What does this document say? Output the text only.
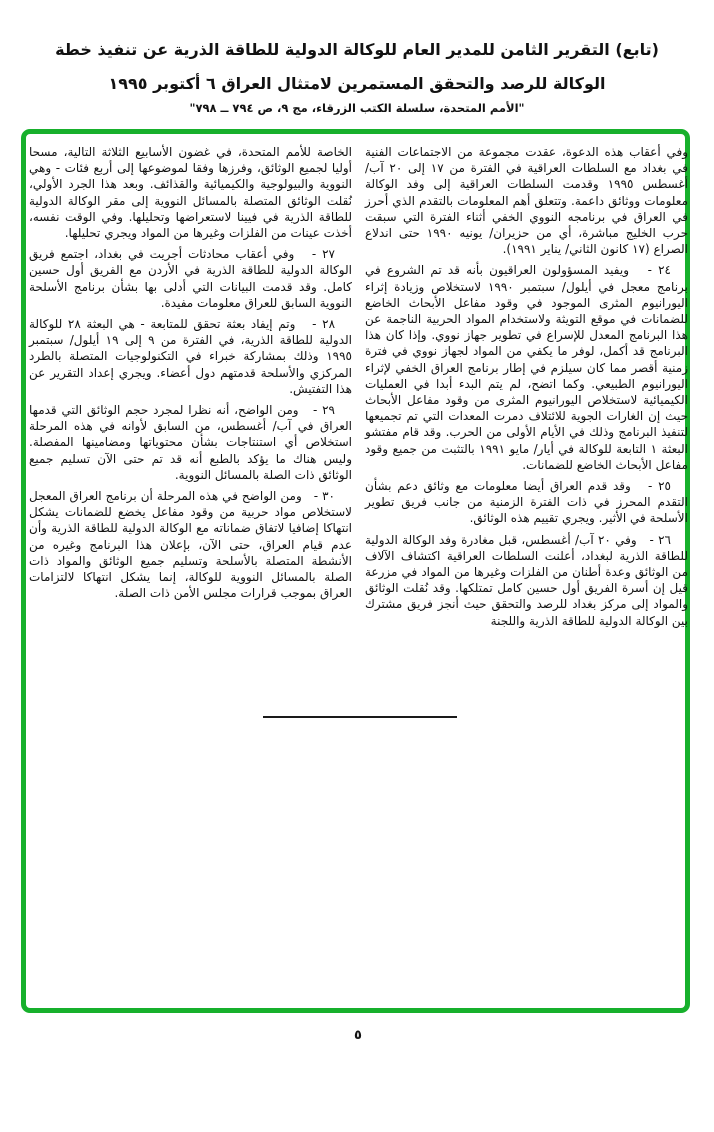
(تابع) التقرير الثامن للمدير العام للوكالة الدولية للطاقة الذرية عن تنفيذ خطة
الوكالة للرصد والتحقق المستمرين لامتثال العراق ٦ أكتوبر ١٩٩٥
"الأمم المتحدة، سلسلة الكتب الزرقاء، مج ٩، ص ٧٩٤ ــ ٧٩٨"

وفي أعقاب هذه الدعوة، عقدت مجموعة من الاجتماعات الفنية في بغداد مع السلطات العراقية في الفترة من ١٧ إلى ٢٠ آب/ أغسطس ١٩٩٥ وقدمت السلطات العراقية إلى وفد الوكالة معلومات ووثائق داعمة. وتتعلق أهم المعلومات بالتقدم الذي أحرز في العراق في برنامجه النووي الخفي أثناء الفترة التي سبقت حرب الخليج مباشرة، أي من حزيران/ يونيه ١٩٩٠ حتى اندلاع الصراع (١٧ كانون الثاني/ يناير ١٩٩١).

٢٤ -   ويفيد المسؤولون العراقيون بأنه قد تم الشروع في برنامج معجل في أيلول/ سبتمبر ١٩٩٠ لاستخلاص وزيادة إثراء اليورانيوم المثرى الموجود في وقود مفاعل الأبحاث الخاضع للضمانات في موقع التويثة ولاستخدام المواد الحربية الناجمة عن هذا البرنامج المعدل للإسراع في تطوير جهاز نووي. وإذا كان هذا البرنامج قد أكمل، لوفر ما يكفي من المواد لجهاز نووي في فترة زمنية أقصر مما كان سيلزم في إطار برنامج العراق الخفي لإثراء اليورانيوم الطبيعي. وكما اتضح، لم يتم البدء أبدا في العمليات الكيميائية لاستخلاص اليورانيوم المثرى من وقود مفاعل الأبحاث حيث إن الغارات الجوية للائتلاف دمرت المعدات التي تم تجميعها لتنفيذ البرنامج وذلك في الأيام الأولى من الحرب. وقد قام مفتشو البعثة ١ التابعة للوكالة في أيار/ مايو ١٩٩١ بالتثبت من جميع وقود مفاعل الأبحاث الخاضع للضمانات.

٢٥ -   وقد قدم العراق أيضا معلومات مع وثائق دعم بشأن التقدم المحرز في ذات الفترة الزمنية من جانب فريق تطوير الأسلحة في الأثير. ويجري تقييم هذه الوثائق.

٢٦ -   وفي ٢٠ آب/ أغسطس، قبل مغادرة وفد الوكالة الدولية للطاقة الذرية لبغداد، أعلنت السلطات العراقية اكتشاف الآلاف من الوثائق وعدة أطنان من الفلزات وغيرها من المواد في مزرعة قيل إن أسرة الفريق أول حسين كامل تمتلكها. وقد نُقلت الوثائق والمواد إلى مركز بغداد للرصد والتحقق حيث أنجز فريق مشترك بين الوكالة الدولية للطاقة الذرية واللجنة

الخاصة للأمم المتحدة، في غضون الأسابيع الثلاثة التالية، مسحا أوليا لجميع الوثائق، وفرزها وفقا لموضوعها إلى أربع فئات - وهي النووية والبيولوجية والكيميائية والقذائف. وبعد هذا الجرد الأولي، نُقلت الوثائق المتصلة بالمسائل النووية إلى مقر الوكالة الدولية للطاقة الذرية في فيينا لاستعراضها وتحليلها. وفي الوقت نفسه، أخذت عينات من الفلزات وغيرها من المواد ويجري تحليلها.

٢٧ -   وفي أعقاب محادثات أجريت في بغداد، اجتمع فريق الوكالة الدولية للطاقة الذرية في الأردن مع الفريق أول حسين كامل. وقد قدمت البيانات التي أدلى بها بشأن برنامج الأسلحة النووية السابق للعراق معلومات مفيدة.

٢٨ -   وتم إيفاد بعثة تحقق للمتابعة - هي البعثة ٢٨ للوكالة الدولية للطاقة الذرية، في الفترة من ٩ إلى ١٩ أيلول/ سبتمبر ١٩٩٥ وذلك بمشاركة خبراء في التكنولوجيات المتصلة بالطرد المركزي والأسلحة قدمتهم دول أعضاء. ويجري إعداد التقرير عن هذا التفتيش.

٢٩ -   ومن الواضح، أنه نظرا لمجرد حجم الوثائق التي قدمها العراق في آب/ أغسطس، من السابق لأوانه في هذه المرحلة استخلاص أي استنتاجات بشأن محتوياتها ومضامينها المفصلة. وليس هناك ما يؤكد بالطبع أنه قد تم حتى الآن تسليم جميع الوثائق ذات الصلة بالمسائل النووية.

٣٠ -   ومن الواضح في هذه المرحلة أن برنامج العراق المعجل لاستخلاص مواد حربية من وقود مفاعل يخضع للضمانات يشكل انتهاكا إضافيا لاتفاق ضماناته مع الوكالة الدولية للطاقة الذرية وأن عدم قيام العراق، حتى الآن، بإعلان هذا البرنامج وغيره من الأنشطة المتصلة بالأسلحة وتسليم جميع الوثائق والمواد ذات الصلة بالمسائل النووية للوكالة، إنما يشكل انتهاكا لالتزامات العراق بموجب قرارات مجلس الأمن ذات الصلة.

٥
